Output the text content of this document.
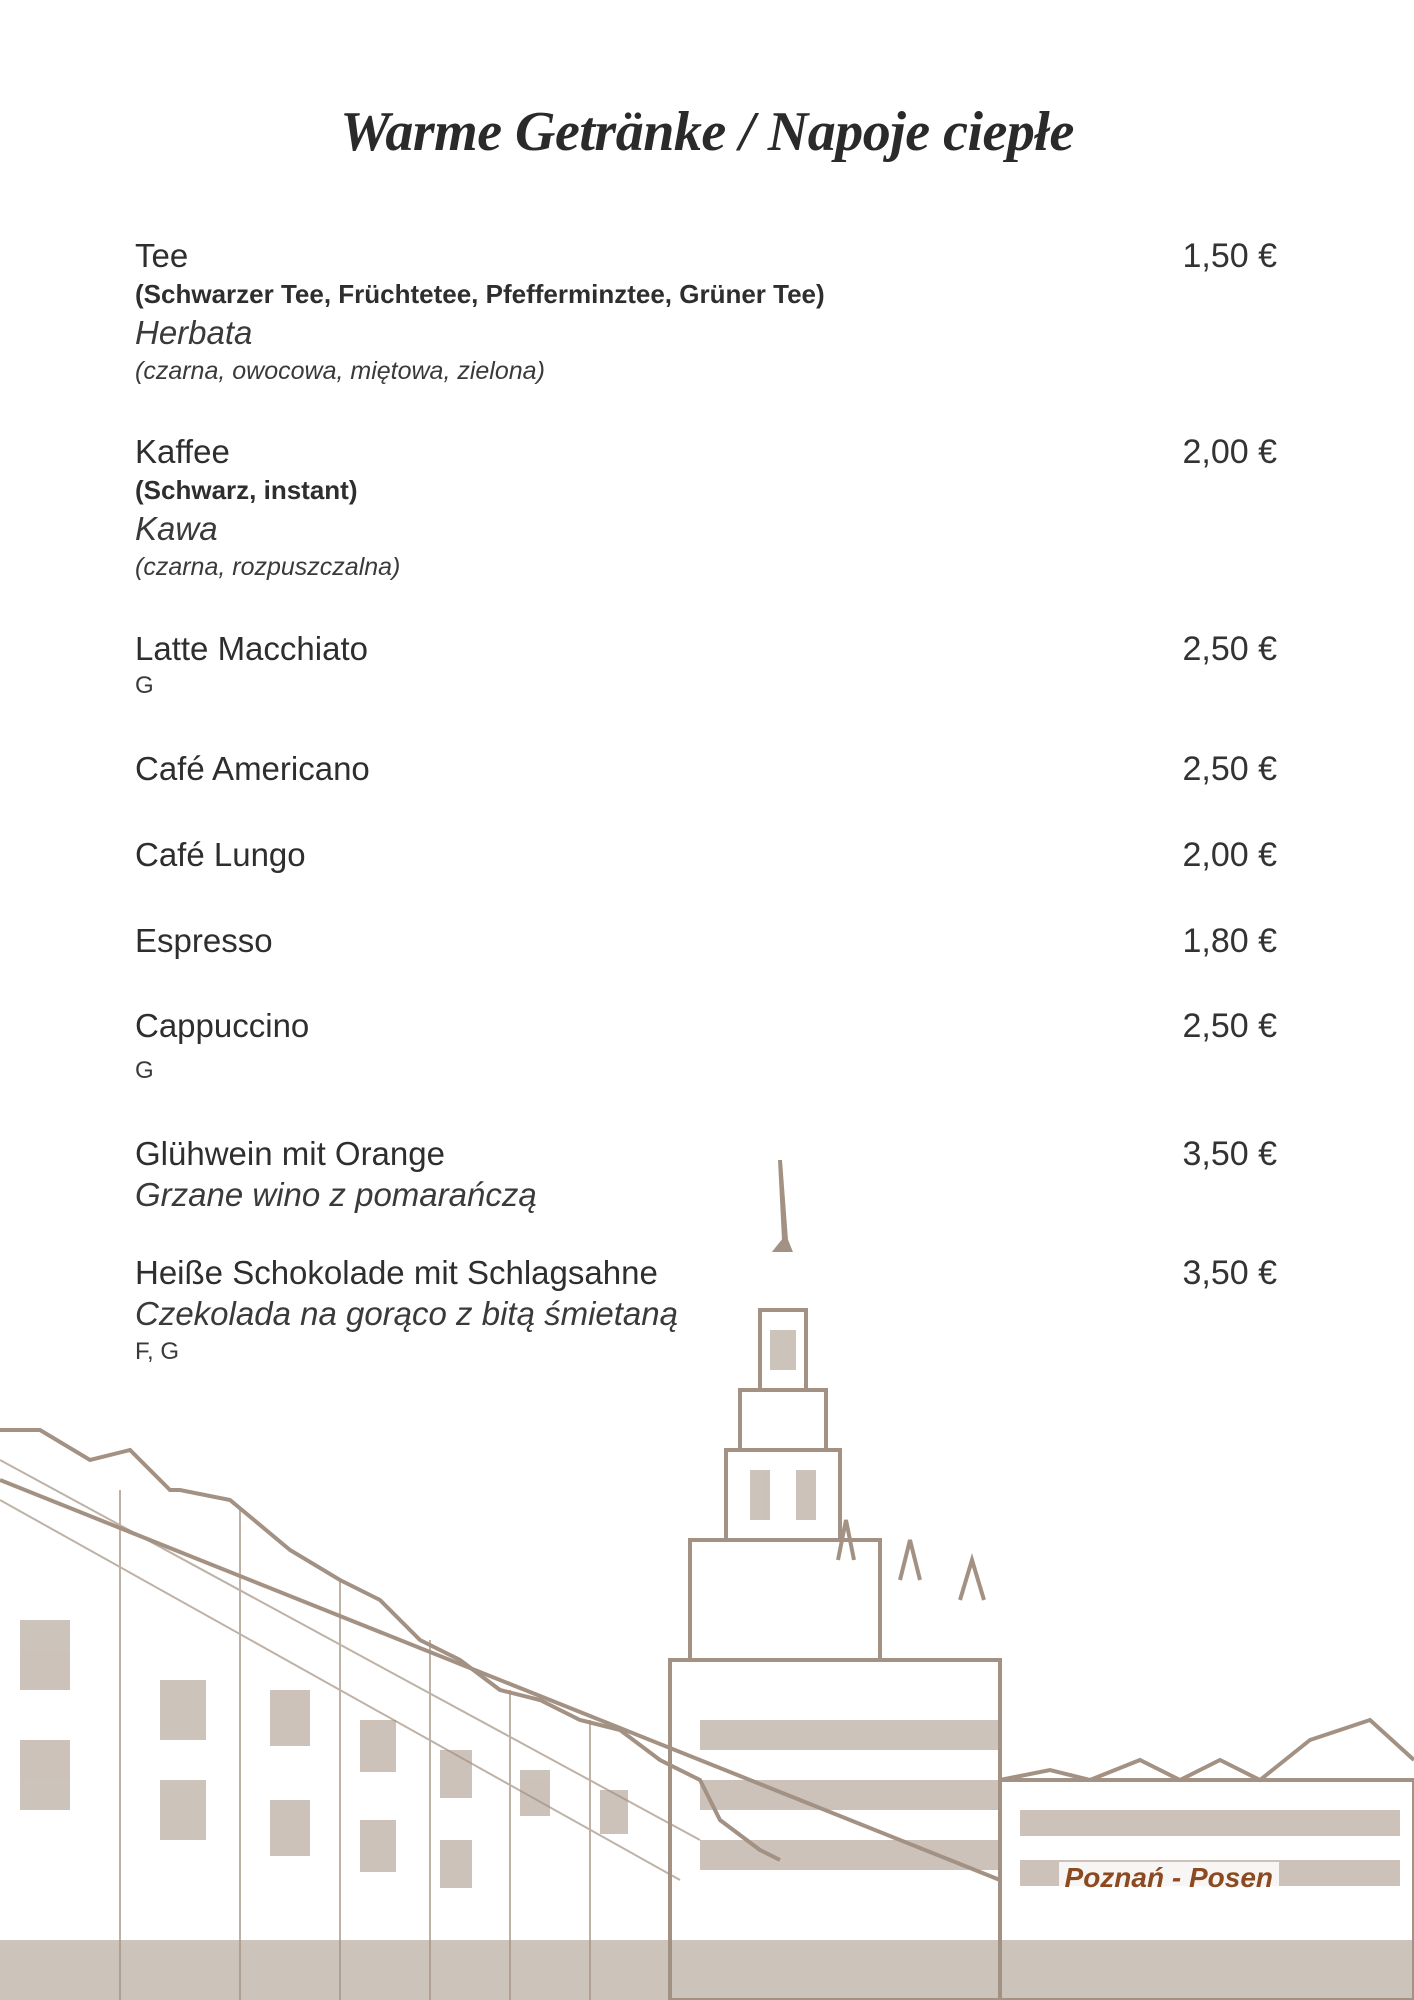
Warme Getränke / Napoje ciepłe
Tee	1,50 €
(Schwarzer Tee, Früchtetee, Pfefferminztee, Grüner Tee)
Herbata
(czarna, owocowa, miętowa, zielona)
Kaffee	2,00 €
(Schwarz, instant)
Kawa
(czarna, rozpuszczalna)
Latte Macchiato	2,50 €
G
Café Americano	2,50 €
Café Lungo	2,00 €
Espresso	1,80 €
Cappuccino	2,50 €
G
Glühwein mit Orange	3,50 €
Grzane wino z pomarańczą
Heiße Schokolade mit Schlagsahne	3,50 €
Czekolada na gorąco z bitą śmietaną
F, G
Poznań - Posen
